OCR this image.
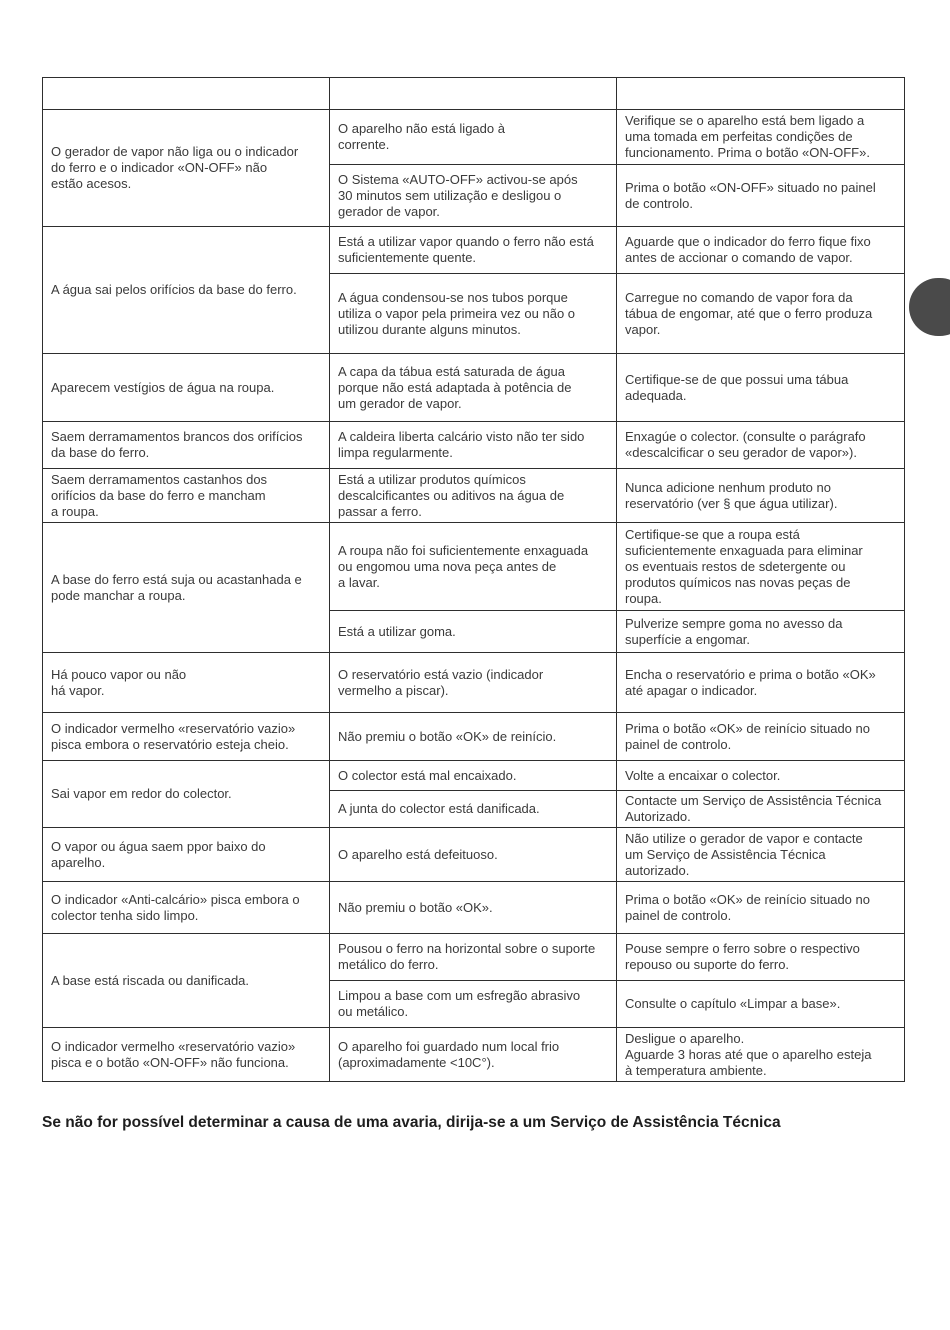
O gerador de vapor não liga ou o indicador
do ferro e o indicador «ON-OFF» não
estão acesos.	O aparelho não está ligado à
corrente.	Verifique se o aparelho está bem ligado a
uma tomada em perfeitas condições de
funcionamento. Prima o botão «ON-OFF».
	O Sistema «AUTO-OFF» activou-se após
30 minutos sem utilização e desligou o
gerador de vapor.	Prima o botão «ON-OFF» situado no painel
de controlo.
A água sai pelos orifícios da base do ferro.	Está a utilizar vapor quando o ferro não está
suficientemente quente.	Aguarde que o indicador do ferro fique fixo
antes de accionar o comando de vapor.
	A água condensou-se nos tubos porque
utiliza o vapor pela primeira vez ou não o
utilizou durante alguns minutos.	Carregue no comando de vapor fora da
tábua de engomar, até que o ferro produza
vapor.
Aparecem vestígios de água na roupa.	A capa da tábua está saturada de água
porque não está adaptada à potência de
um gerador de vapor.	Certifique-se de que possui uma tábua
adequada.
Saem derramamentos brancos dos orifícios
da base do ferro.	A caldeira liberta calcário visto não ter sido
limpa regularmente.	Enxagúe o colector. (consulte o parágrafo
«descalcificar o seu gerador de vapor»).
Saem derramamentos castanhos dos
orifícios da base do ferro e mancham
a roupa.	Está a utilizar produtos químicos
descalcificantes ou aditivos na água de
passar a ferro.	Nunca adicione nenhum produto no
reservatório (ver § que água utilizar).
A base do ferro está suja ou acastanhada e
pode manchar a roupa.	A roupa não foi suficientemente enxaguada
ou engomou uma nova peça antes de
a lavar.	Certifique-se que a roupa está
suficientemente enxaguada para eliminar
os eventuais restos de sdetergente ou
produtos químicos nas novas peças de
roupa.
	Está a utilizar goma.	Pulverize sempre goma no avesso da
superfície a engomar.
Há pouco vapor ou não
há vapor.	O reservatório está vazio (indicador
vermelho a piscar).	Encha o reservatório e prima o botão «OK»
até apagar o indicador.
O indicador vermelho «reservatório vazio»
pisca embora o reservatório esteja cheio.	Não premiu o botão «OK» de reinício.	Prima o botão «OK» de reinício situado no
painel de controlo.
Sai vapor em redor do colector.	O colector está mal encaixado.	Volte a encaixar o colector.
	A junta do colector está danificada.	Contacte um Serviço de Assistência Técnica
Autorizado.
O vapor ou água saem ppor baixo do
aparelho.	O aparelho está defeituoso.	Não utilize o gerador de vapor e contacte
um Serviço de Assistência Técnica
autorizado.
O indicador «Anti-calcário» pisca embora o
colector tenha sido limpo.	Não premiu o botão «OK».	Prima o botão «OK» de reinício situado no
painel de controlo.
A base está riscada ou danificada.	Pousou o ferro na horizontal sobre o suporte
metálico do ferro.	Pouse sempre o ferro sobre o respectivo
repouso ou suporte do ferro.
	Limpou a base com um esfregão abrasivo
ou metálico.	Consulte o capítulo «Limpar a base».
O indicador vermelho «reservatório vazio»
pisca e o botão «ON-OFF» não funciona.	O aparelho foi guardado num local frio
(aproximadamente <10C°).	Desligue o aparelho.
Aguarde 3 horas até que o aparelho esteja
à temperatura ambiente.
Se não for possível determinar a causa de uma avaria, dirija-se a um Serviço de Assistência Técnica
